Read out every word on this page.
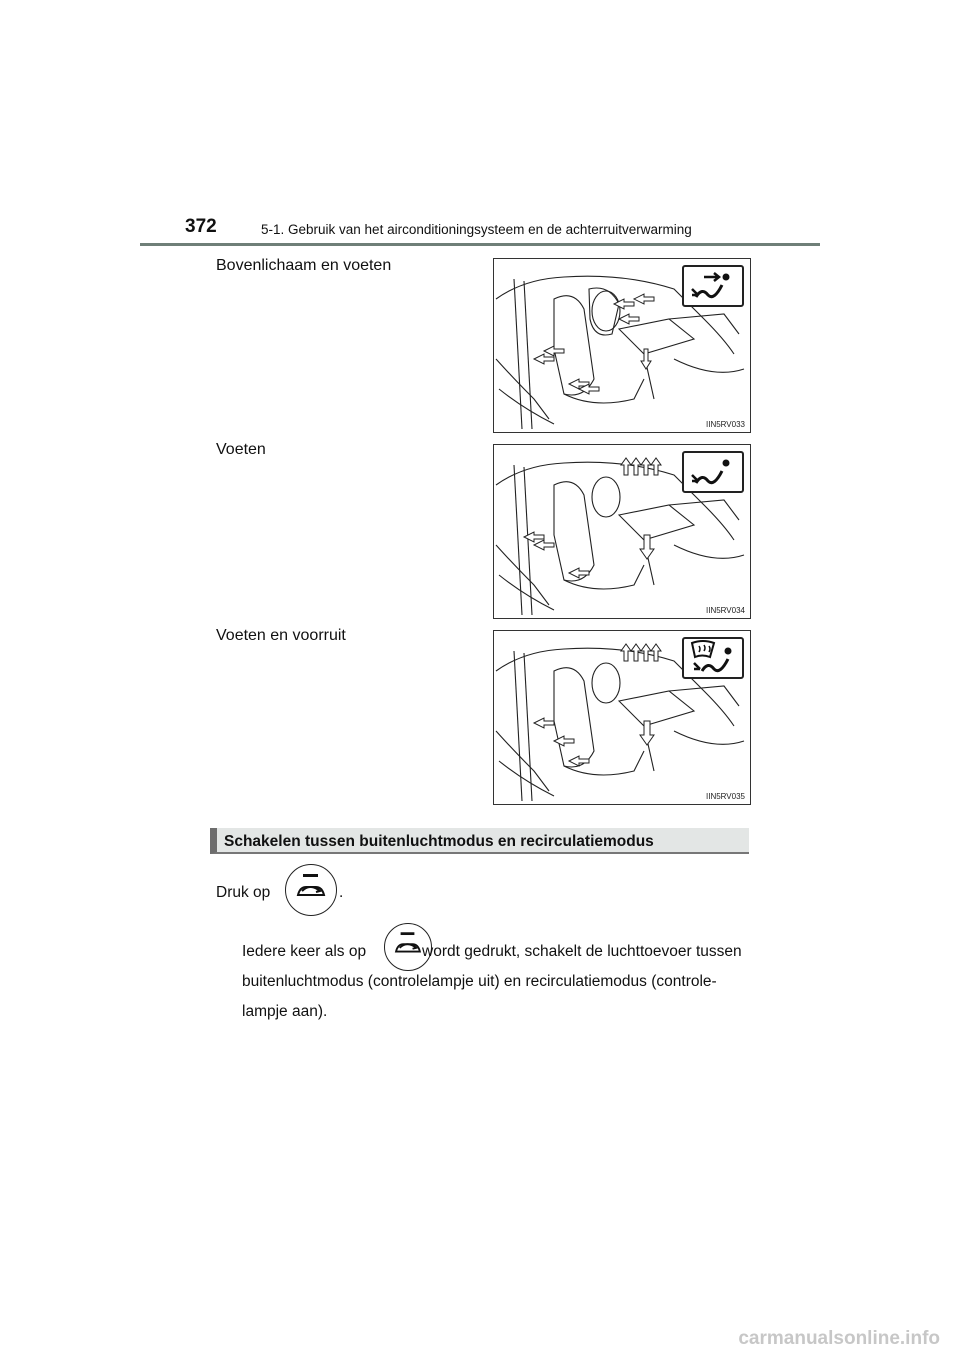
372	5-1. Gebruik van het airconditioningsysteem en de achterruitverwarming
Bovenlichaam en voeten
IIN5RV033
Voeten
IIN5RV034
Voeten en voorruit
IIN5RV035
Schakelen tussen buitenluchtmodus en recirculatiemodus
Druk op	.
Iedere keer als op	wordt gedrukt, schakelt de luchttoevoer tussen
buitenluchtmodus (controlelampje uit) en recirculatiemodus (controle-
lampje aan).
carmanualsonline.info
